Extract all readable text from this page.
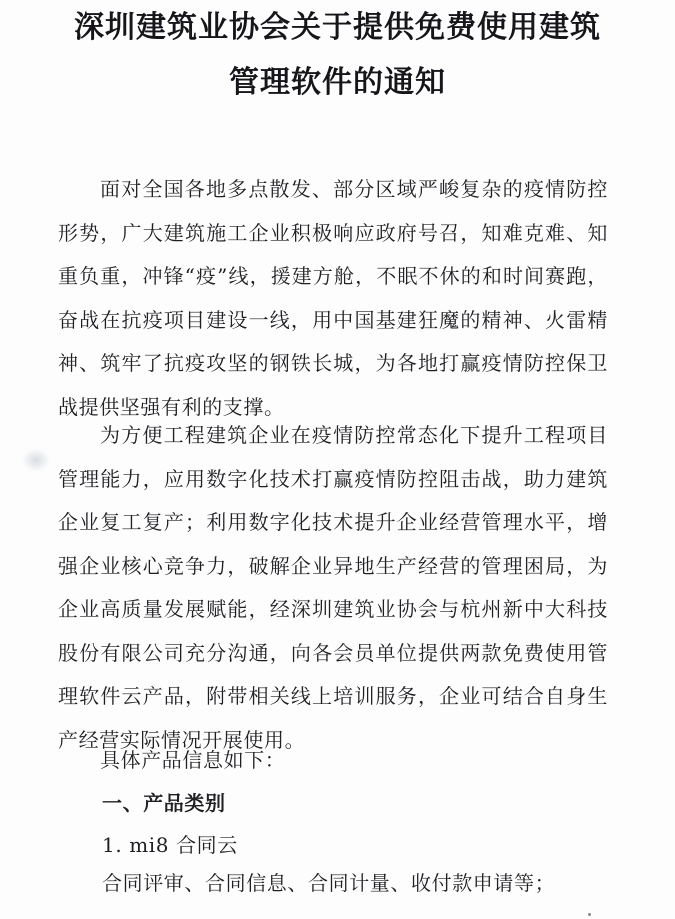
深圳建筑业协会关于提供免费使用建筑
管理软件的通知
面对全国各地多点散发、部分区域严峻复杂的疫情防控形势，广大建筑施工企业积极响应政府号召，知难克难、知重负重，冲锋“疫”线，援建方舱，不眠不休的和时间赛跑，奋战在抗疫项目建设一线，用中国基建狂魔的精神、火雷精神、筑牢了抗疫攻坚的钢铁长城，为各地打赢疫情防控保卫战提供坚强有利的支撑。
为方便工程建筑企业在疫情防控常态化下提升工程项目管理能力，应用数字化技术打赢疫情防控阻击战，助力建筑企业复工复产；利用数字化技术提升企业经营管理水平，增强企业核心竞争力，破解企业异地生产经营的管理困局，为企业高质量发展赋能，经深圳建筑业协会与杭州新中大科技股份有限公司充分沟通，向各会员单位提供两款免费使用管理软件云产品，附带相关线上培训服务，企业可结合自身生产经营实际情况开展使用。
具体产品信息如下：
一、产品类别
1. mi8 合同云
合同评审、合同信息、合同计量、收付款申请等；
